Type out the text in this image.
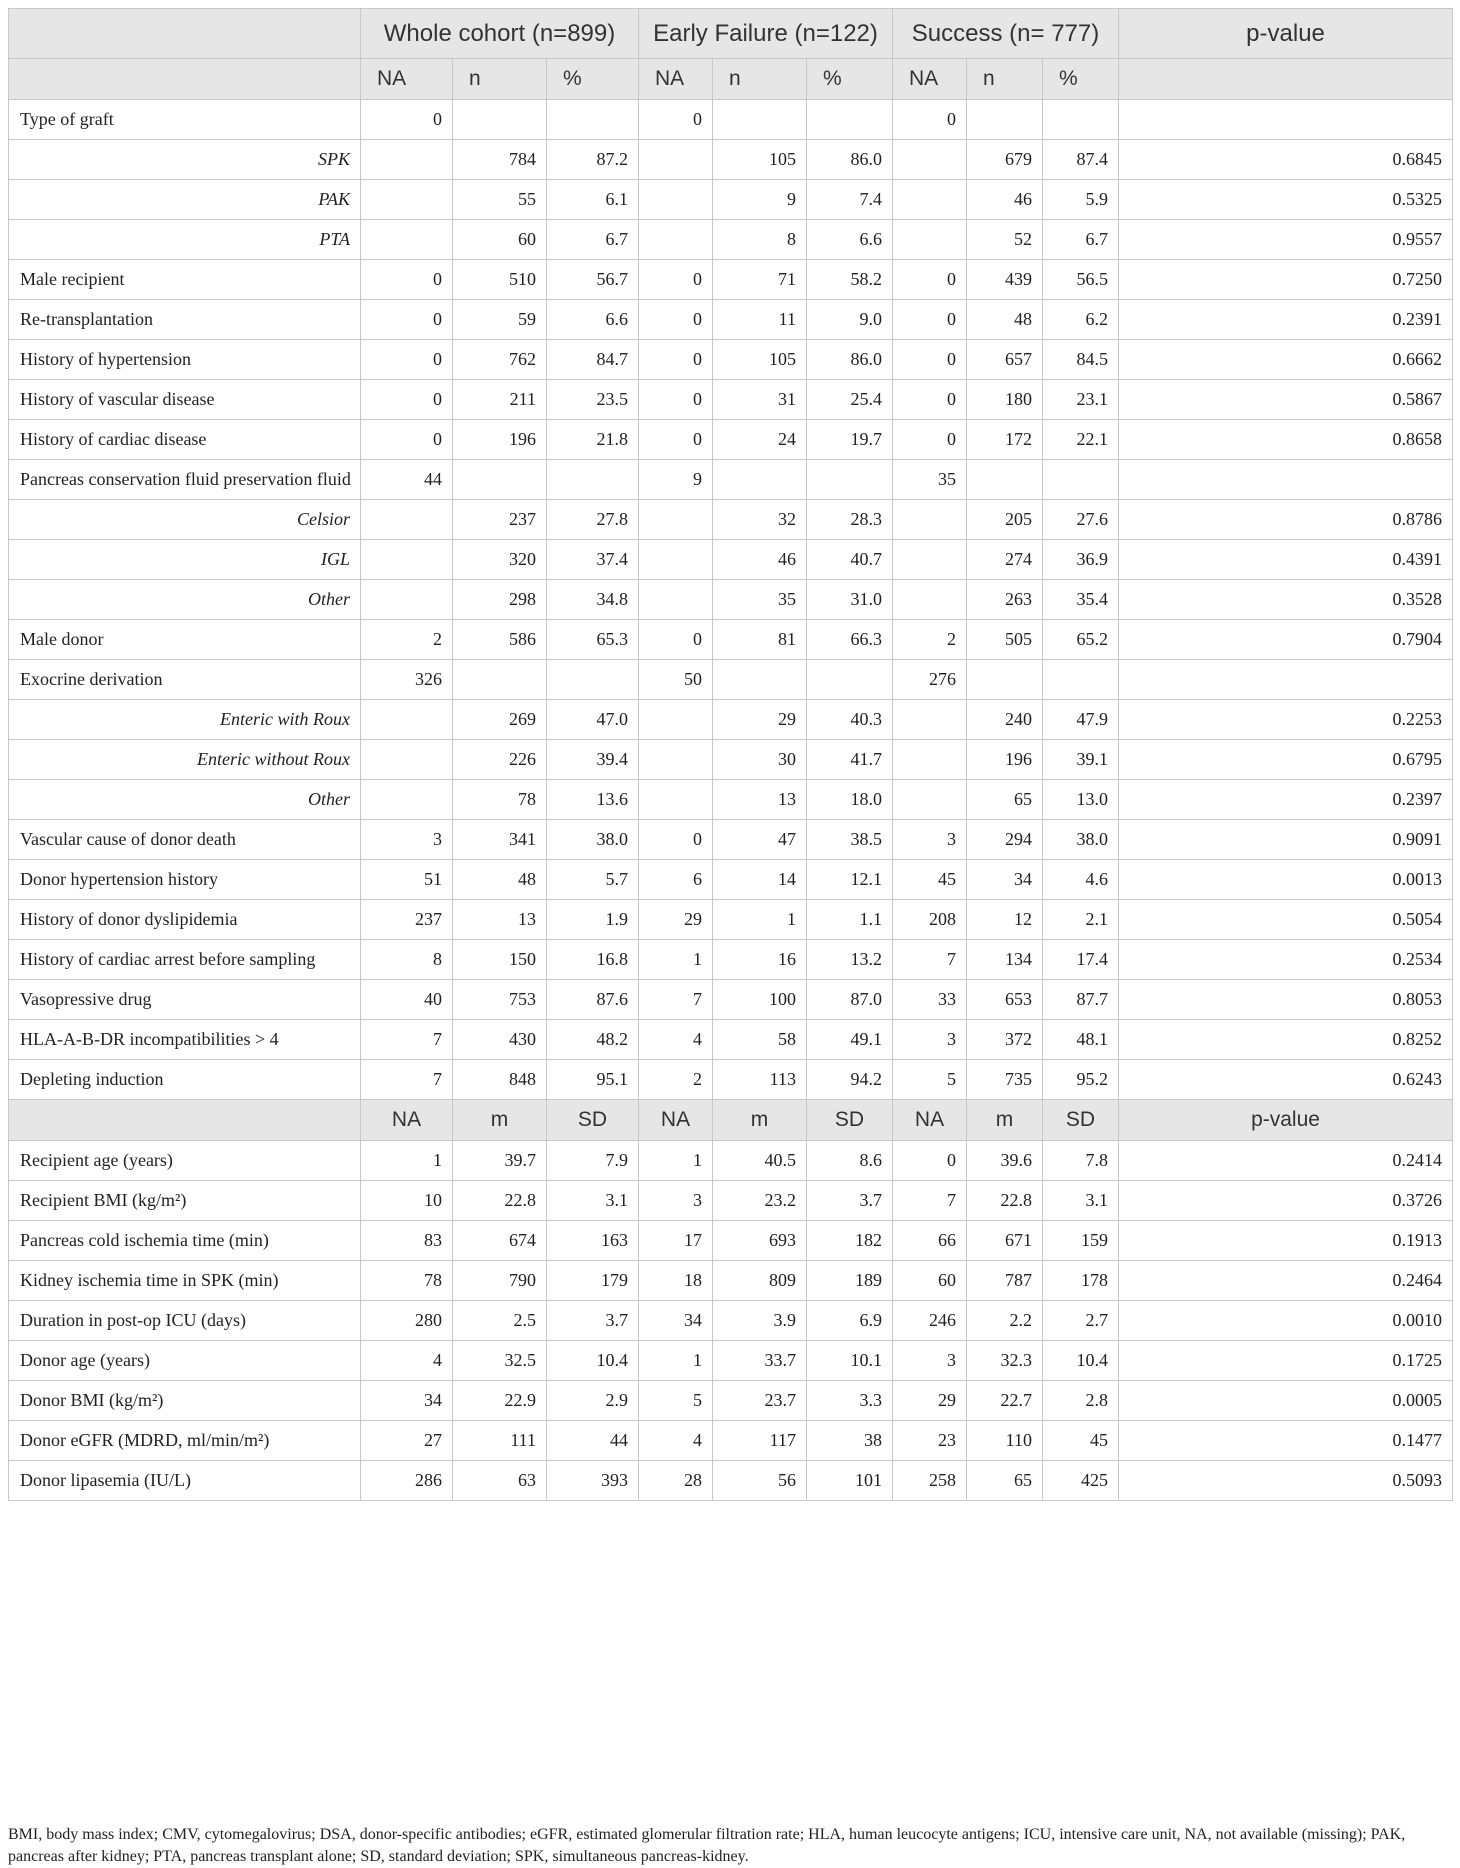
	Whole cohort (n=899)			Early Failure (n=122)			Success (n= 777)			p-value
	NA	n	%	NA	n	%	NA	n	%	
Type of graft	0			0			0			
SPK		784	87.2		105	86.0		679	87.4	0.6845
PAK		55	6.1		9	7.4		46	5.9	0.5325
PTA		60	6.7		8	6.6		52	6.7	0.9557
Male recipient	0	510	56.7	0	71	58.2	0	439	56.5	0.7250
Re-transplantation	0	59	6.6	0	11	9.0	0	48	6.2	0.2391
History of hypertension	0	762	84.7	0	105	86.0	0	657	84.5	0.6662
History of vascular disease	0	211	23.5	0	31	25.4	0	180	23.1	0.5867
History of cardiac disease	0	196	21.8	0	24	19.7	0	172	22.1	0.8658
Pancreas conservation fluid preservation fluid	44			9			35			
Celsior		237	27.8		32	28.3		205	27.6	0.8786
IGL		320	37.4		46	40.7		274	36.9	0.4391
Other		298	34.8		35	31.0		263	35.4	0.3528
Male donor	2	586	65.3	0	81	66.3	2	505	65.2	0.7904
Exocrine derivation	326			50			276			
Enteric with Roux		269	47.0		29	40.3		240	47.9	0.2253
Enteric without Roux		226	39.4		30	41.7		196	39.1	0.6795
Other		78	13.6		13	18.0		65	13.0	0.2397
Vascular cause of donor death	3	341	38.0	0	47	38.5	3	294	38.0	0.9091
Donor hypertension history	51	48	5.7	6	14	12.1	45	34	4.6	0.0013
History of donor dyslipidemia	237	13	1.9	29	1	1.1	208	12	2.1	0.5054
History of cardiac arrest before sampling	8	150	16.8	1	16	13.2	7	134	17.4	0.2534
Vasopressive drug	40	753	87.6	7	100	87.0	33	653	87.7	0.8053
HLA-A-B-DR incompatibilities > 4	7	430	48.2	4	58	49.1	3	372	48.1	0.8252
Depleting induction	7	848	95.1	2	113	94.2	5	735	95.2	0.6243
	NA	m	SD	NA	m	SD	NA	m	SD	p-value
Recipient age (years)	1	39.7	7.9	1	40.5	8.6	0	39.6	7.8	0.2414
Recipient BMI (kg/m²)	10	22.8	3.1	3	23.2	3.7	7	22.8	3.1	0.3726
Pancreas cold ischemia time (min)	83	674	163	17	693	182	66	671	159	0.1913
Kidney ischemia time in SPK (min)	78	790	179	18	809	189	60	787	178	0.2464
Duration in post-op ICU (days)	280	2.5	3.7	34	3.9	6.9	246	2.2	2.7	0.0010
Donor age (years)	4	32.5	10.4	1	33.7	10.1	3	32.3	10.4	0.1725
Donor BMI (kg/m²)	34	22.9	2.9	5	23.7	3.3	29	22.7	2.8	0.0005
Donor eGFR (MDRD, ml/min/m²)	27	111	44	4	117	38	23	110	45	0.1477
Donor lipasemia (IU/L)	286	63	393	28	56	101	258	65	425	0.5093
BMI, body mass index; CMV, cytomegalovirus; DSA, donor-specific antibodies; eGFR, estimated glomerular filtration rate; HLA, human leucocyte antigens; ICU, intensive care unit, NA, not available (missing); PAK, pancreas after kidney; PTA, pancreas transplant alone; SD, standard deviation; SPK, simultaneous pancreas-kidney.
